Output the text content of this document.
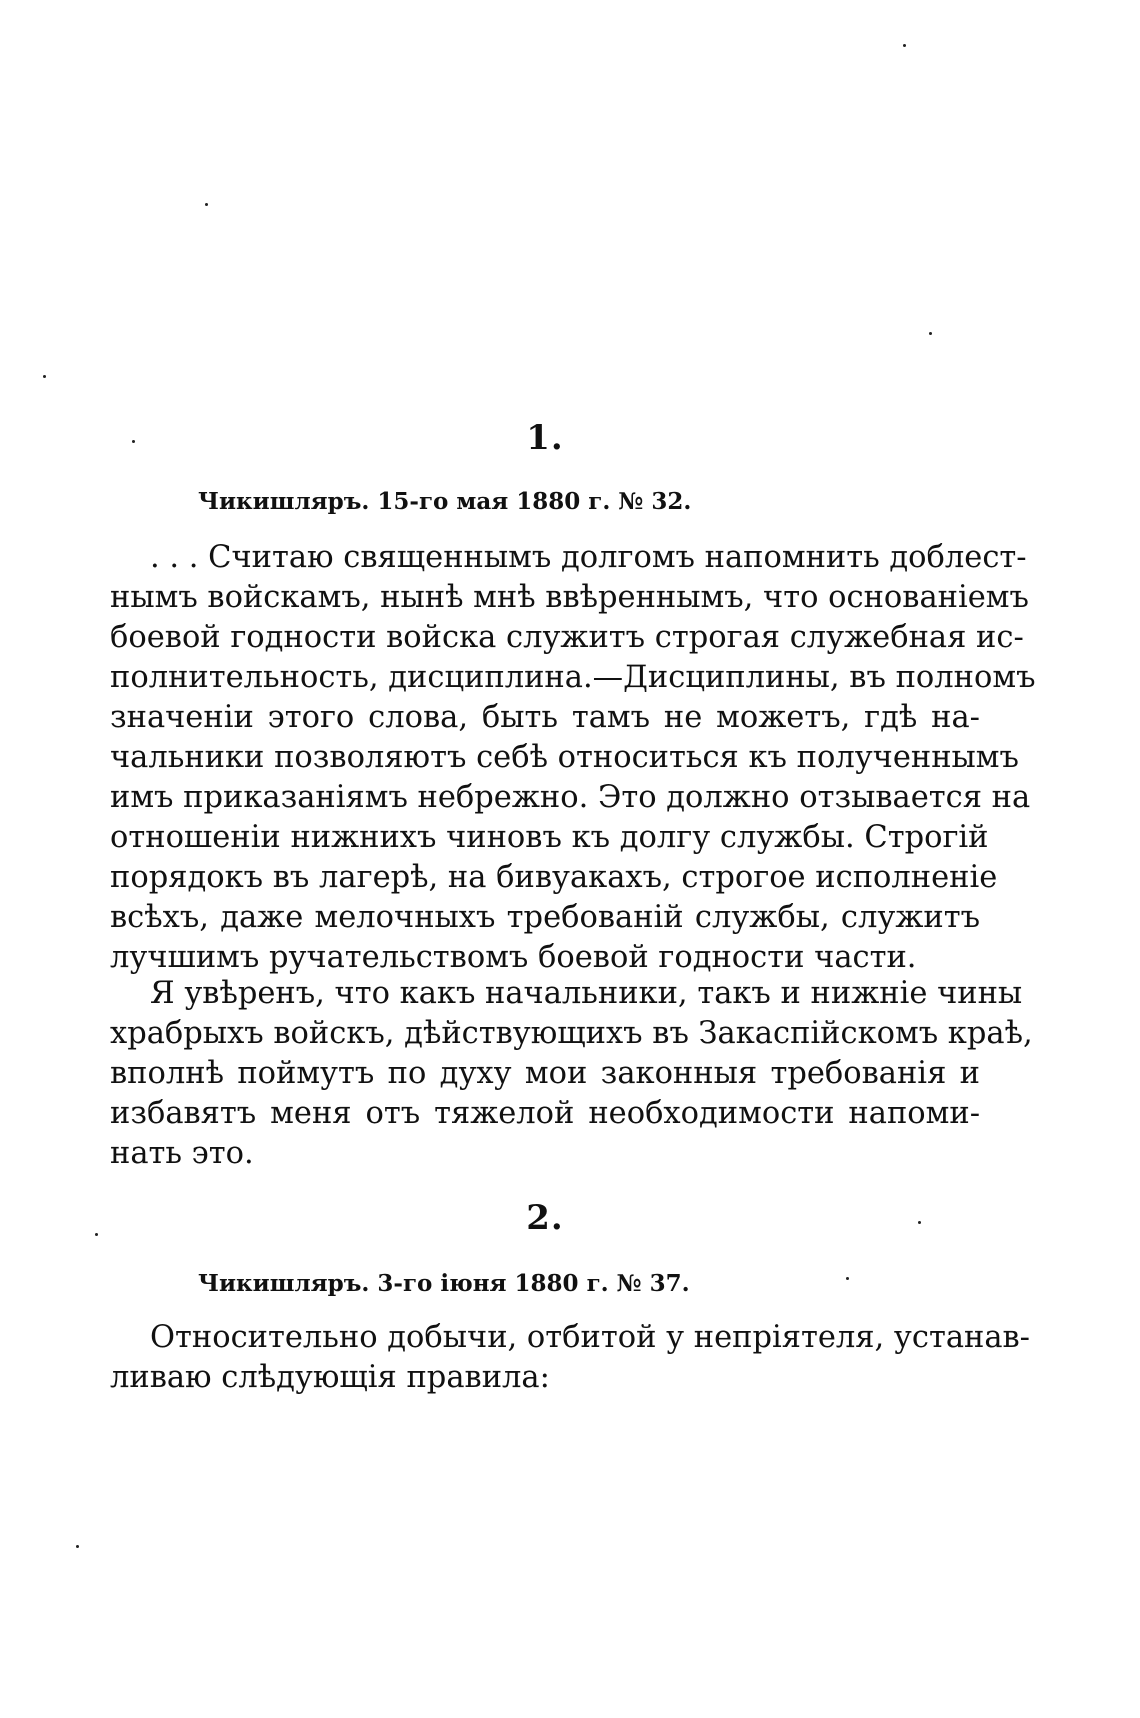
1.
Чикишляръ. 15-го мая 1880 г. № 32.
. . . Считаю священнымъ долгомъ напомнить доблест-
нымъ войскамъ, нынѣ мнѣ ввѣреннымъ, что основаніемъ
боевой годности войска служитъ строгая служебная ис-
полнительность, дисциплина.—Дисциплины, въ полномъ
значеніи этого слова, быть тамъ не можетъ, гдѣ на-
чальники позволяютъ себѣ относиться къ полученнымъ
имъ приказаніямъ небрежно. Это должно отзывается на
отношеніи нижнихъ чиновъ къ долгу службы. Строгій
порядокъ въ лагерѣ, на бивуакахъ, строгое исполненіе
всѣхъ, даже мелочныхъ требованій службы, служитъ
лучшимъ ручательствомъ боевой годности части.
Я увѣренъ, что какъ начальники, такъ и нижніе чины
храбрыхъ войскъ, дѣйствующихъ въ Закаспійскомъ краѣ,
вполнѣ поймутъ по духу мои законныя требованія и
избавятъ меня отъ тяжелой необходимости напоми-
нать это.
2.
Чикишляръ. 3-го іюня 1880 г. № 37.
Относительно добычи, отбитой у непріятеля, устанав-
ливаю слѣдующія правила:
